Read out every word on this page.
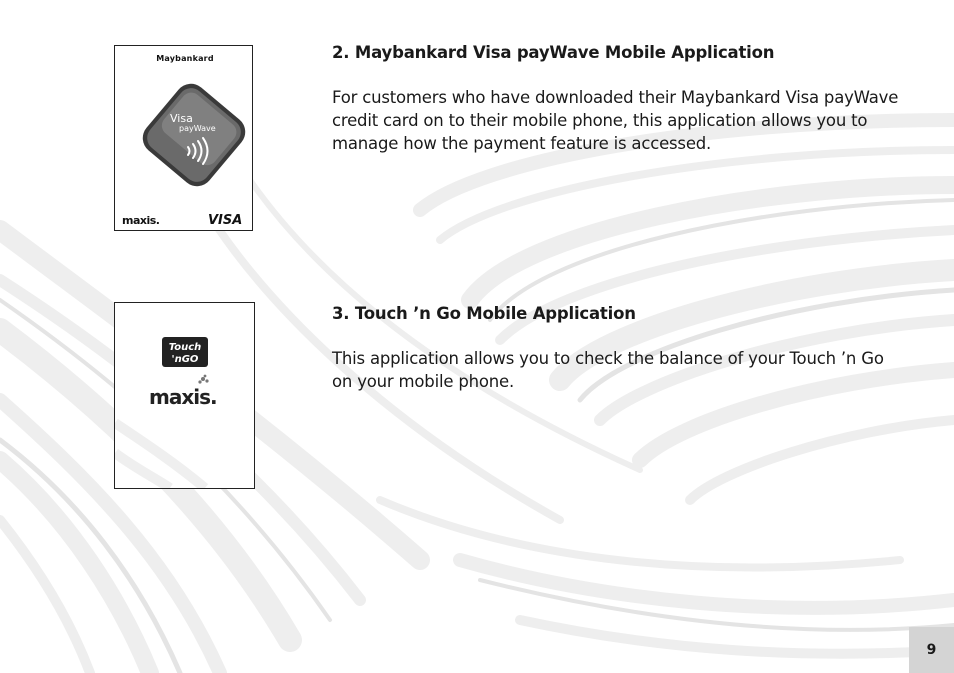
Maybankard
Visa
payWave
maxis.	VISA
Touch
'nGO
maxis.

2. Maybankard Visa payWave Mobile Application

For customers who have downloaded their Maybankard Visa payWave credit card on to their mobile phone, this application allows you to manage how the payment feature is accessed.

3. Touch ’n Go Mobile Application

This application allows you to check the balance of your Touch ’n Go on your mobile phone.

9
